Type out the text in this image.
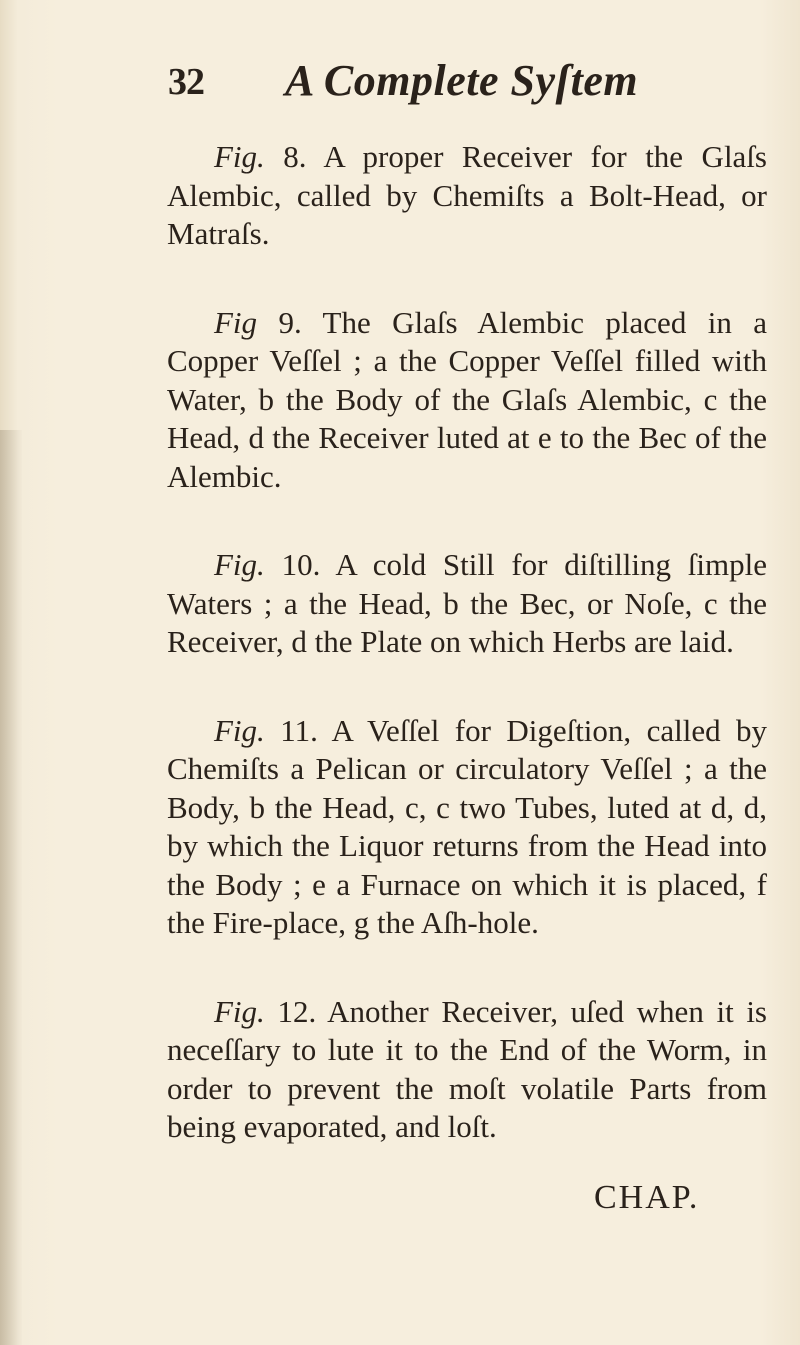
32 A Complete Syſtem

Fig. 8. A proper Receiver for the Glaſs Alembic, called by Chemiſts a Bolt-Head, or Matraſs.

Fig 9. The Glaſs Alembic placed in a Copper Veſſel ; a the Copper Veſſel filled with Water, b the Body of the Glaſs Alembic, c the Head, d the Receiver luted at e to the Bec of the Alembic.

Fig. 10. A cold Still for diſtilling ſimple Waters ; a the Head, b the Bec, or Noſe, c the Receiver, d the Plate on which Herbs are laid.

Fig. 11. A Veſſel for Digeſtion, called by Chemiſts a Pelican or circulatory Veſſel ; a the Body, b the Head, c, c two Tubes, luted at d, d, by which the Liquor returns from the Head into the Body ; e a Furnace on which it is placed, f the Fire-place, g the Aſh-hole.

Fig. 12. Another Receiver, uſed when it is neceſſary to lute it to the End of the Worm, in order to prevent the moſt volatile Parts from being evaporated, and loſt.

CHAP.
